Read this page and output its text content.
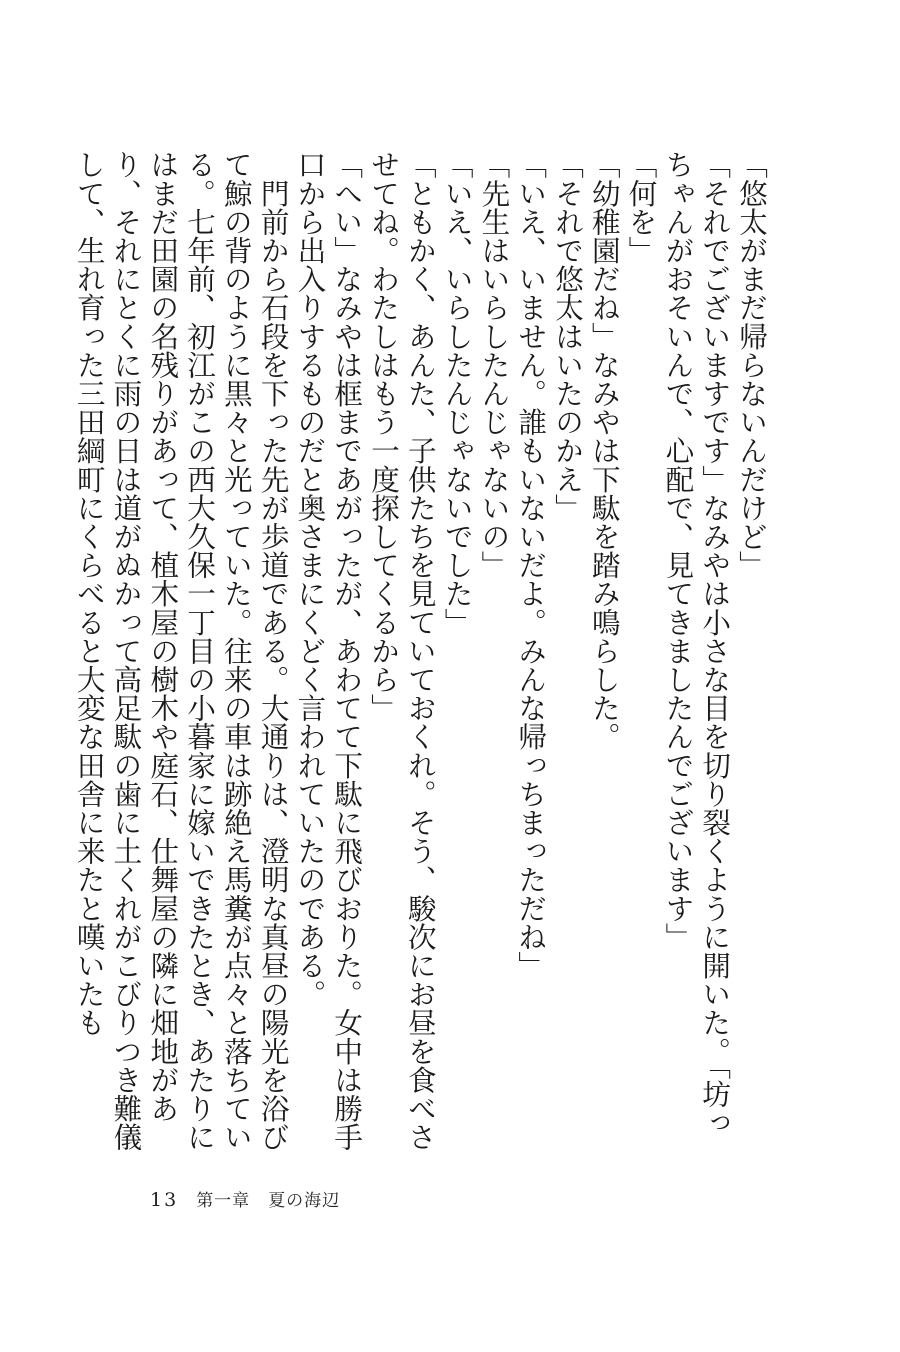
「悠太がまだ帰らないんだけど」

「それでございますです」なみやは小さな目を切り裂くように開いた。「坊っちゃんがおそいんで、心配で、見てきましたんでございます」

「何を」

「幼稚園だね」なみやは下駄を踏み鳴らした。

「それで悠太はいたのかえ」

「いえ、いません。誰もいないだよ。みんな帰っちまっただね」

「先生はいらしたんじゃないの」

「いえ、いらしたんじゃないでした」

「ともかく、あんた、子供たちを見ていておくれ。そう、駿次にお昼を食べさせてね。わたしはもう一度探してくるから」

「へい」なみやは框まであがったが、あわてて下駄に飛びおりた。女中は勝手口から出入りするものだと奥さまにくどく言われていたのである。

　門前から石段を下った先が歩道である。大通りは、澄明な真昼の陽光を浴びて鯨の背のように黒々と光っていた。往来の車は跡絶え馬糞が点々と落ちている。七年前、初江がこの西大久保一丁目の小暮家に嫁いできたとき、あたりにはまだ田園の名残りがあって、植木屋の樹木や庭石、仕舞屋の隣に畑地があり、それにとくに雨の日は道がぬかって高足駄の歯に土くれがこびりつき難儀して、生れ育った三田綱町にくらべると大変な田舎に来たと嘆いたも

13 第一章 夏の海辺
